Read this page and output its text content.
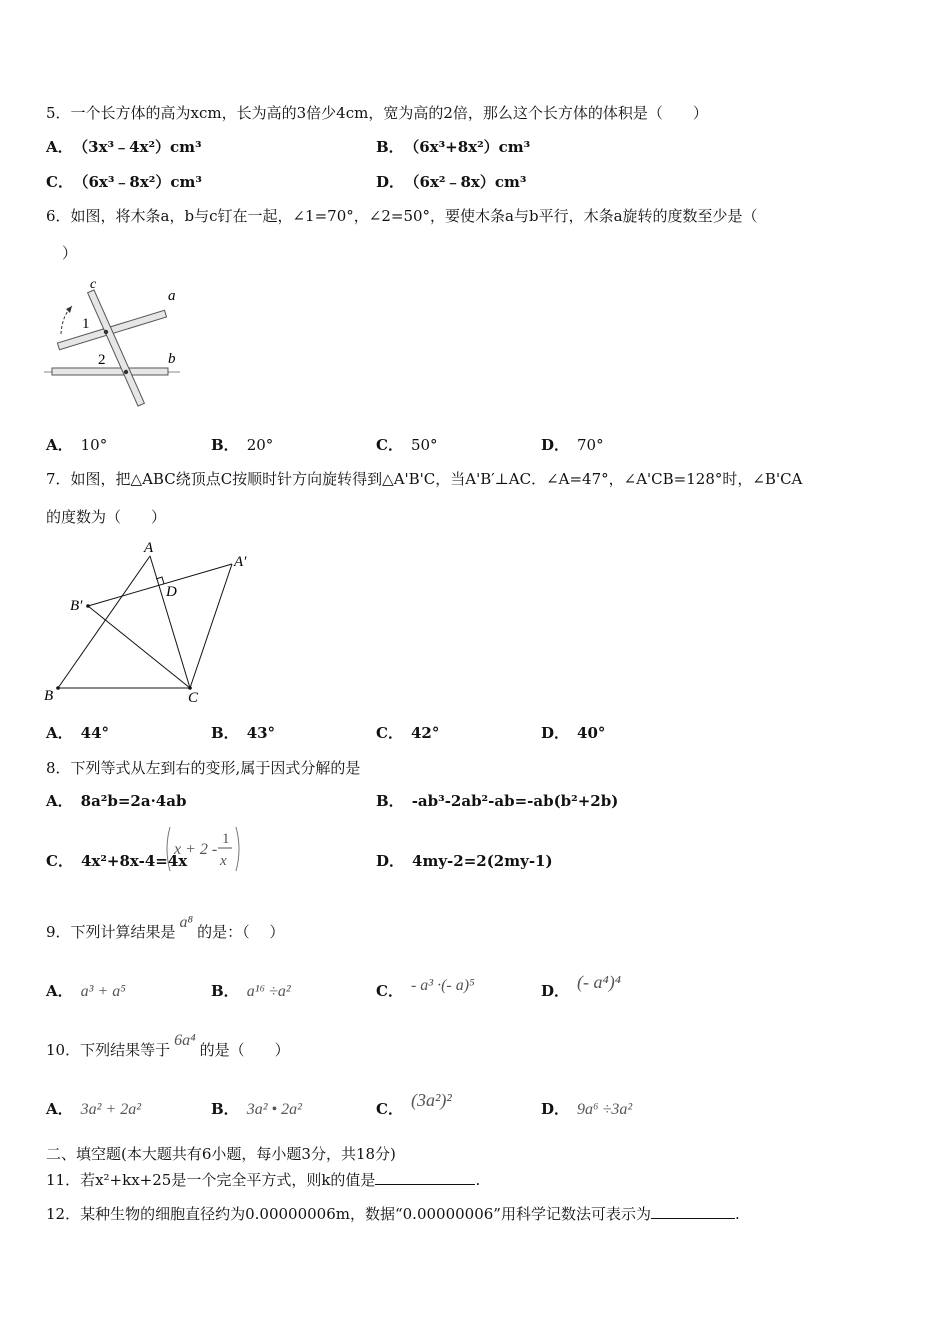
5．一个长方体的高为xcm，长为高的3倍少4cm，宽为高的2倍，那么这个长方体的体积是（　　）
A． （3x³﹣4x²）cm³	B． （6x³+8x²）cm³
C． （6x³﹣8x²）cm³	D． （6x²﹣8x）cm³
6．如图，将木条a，b与c钉在一起，∠1=70°，∠2=50°，要使木条a与b平行，木条a旋转的度数至少是（
）
c
a
b
1
2
A． 10°	B． 20°	C． 50°	D． 70°
7．如图，把△ABC绕顶点C按顺时针方向旋转得到△A'B'C，当A'B′⊥AC．∠A=47°，∠A'CB=128°时，∠B'CA
的度数为（　　）
A
A′
B′
D
B	C
A． 44°	B． 43°	C． 42°	D． 40°
8．下列等式从左到右的变形,属于因式分解的是
A． 8a²b=2a·4ab	B． -ab³-2ab²-ab=-ab(b²+2b)
C． 4x²+8x-4=4x
x + 2 -
1
x	D． 4my-2=2(2my-1)
9．下列计算结果是a⁸的是：（　 ）
A． a³ + a⁵	B． a¹⁶ ÷a²	C． - a³ ·(- a)⁵	D． (- a⁴)⁴
10．下列结果等于6a⁴的是（　　）
A． 3a² + 2a²	B． 3a² • 2a²	C． (3a²)²	D． 9a⁶ ÷3a²
二、填空题(本大题共有6小题，每小题3分，共18分)
11．若x²+kx+25是一个完全平方式，则k的值是	.
12．某种生物的细胞直径约为0.00000006m，数据“0.00000006”用科学记数法可表示为	.
